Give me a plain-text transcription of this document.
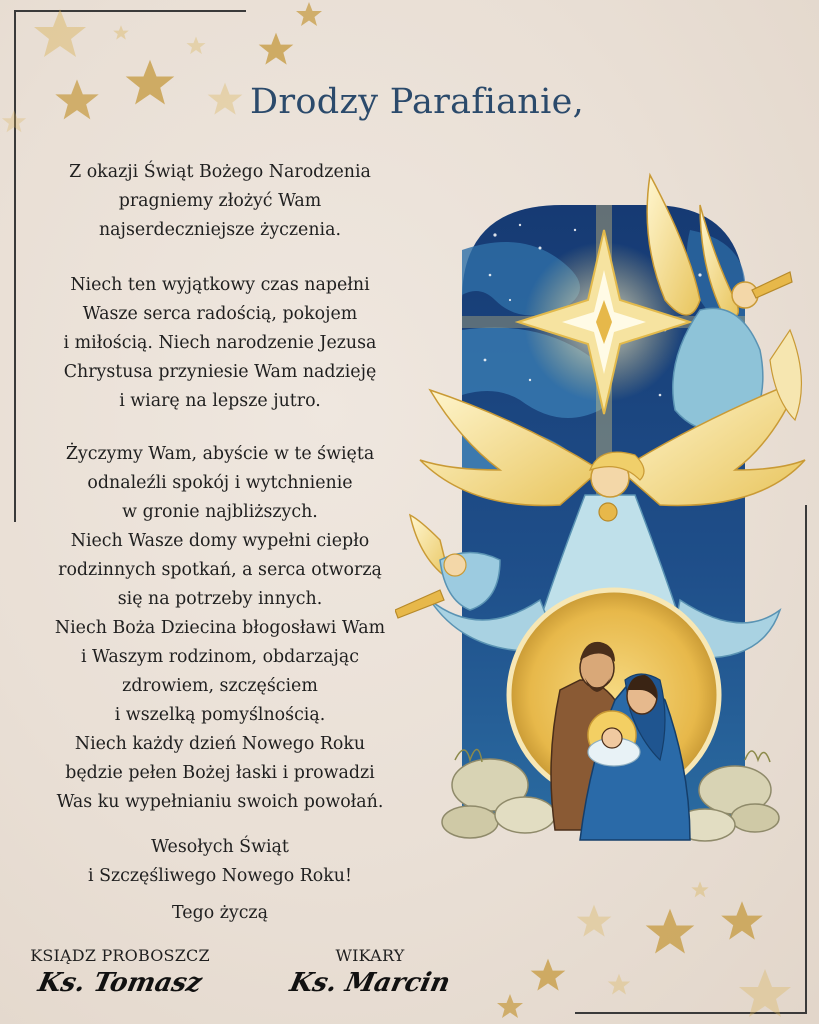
Drodzy Parafianie,

Z okazji Świąt Bożego Narodzenia
pragniemy złożyć Wam
najserdeczniejsze życzenia.

Niech ten wyjątkowy czas napełni
Wasze serca radością, pokojem
i miłością. Niech narodzenie Jezusa
Chrystusa przyniesie Wam nadzieję
i wiarę na lepsze jutro.

Życzymy Wam, abyście w te święta
odnaleźli spokój i wytchnienie
w gronie najbliższych.
Niech Wasze domy wypełni ciepło
rodzinnych spotkań, a serca otworzą
się na potrzeby innych.
Niech Boża Dziecina błogosławi Wam
i Waszym rodzinom, obdarzając
zdrowiem, szczęściem
i wszelką pomyślnością.
Niech każdy dzień Nowego Roku
będzie pełen Bożej łaski i prowadzi
Was ku wypełnianiu swoich powołań.

Wesołych Świąt
i Szczęśliwego Nowego Roku!

Tego życzą

KSIĄDZ PROBOSZCZ
Ks. Tomasz
WIKARY
Ks. Marcin
